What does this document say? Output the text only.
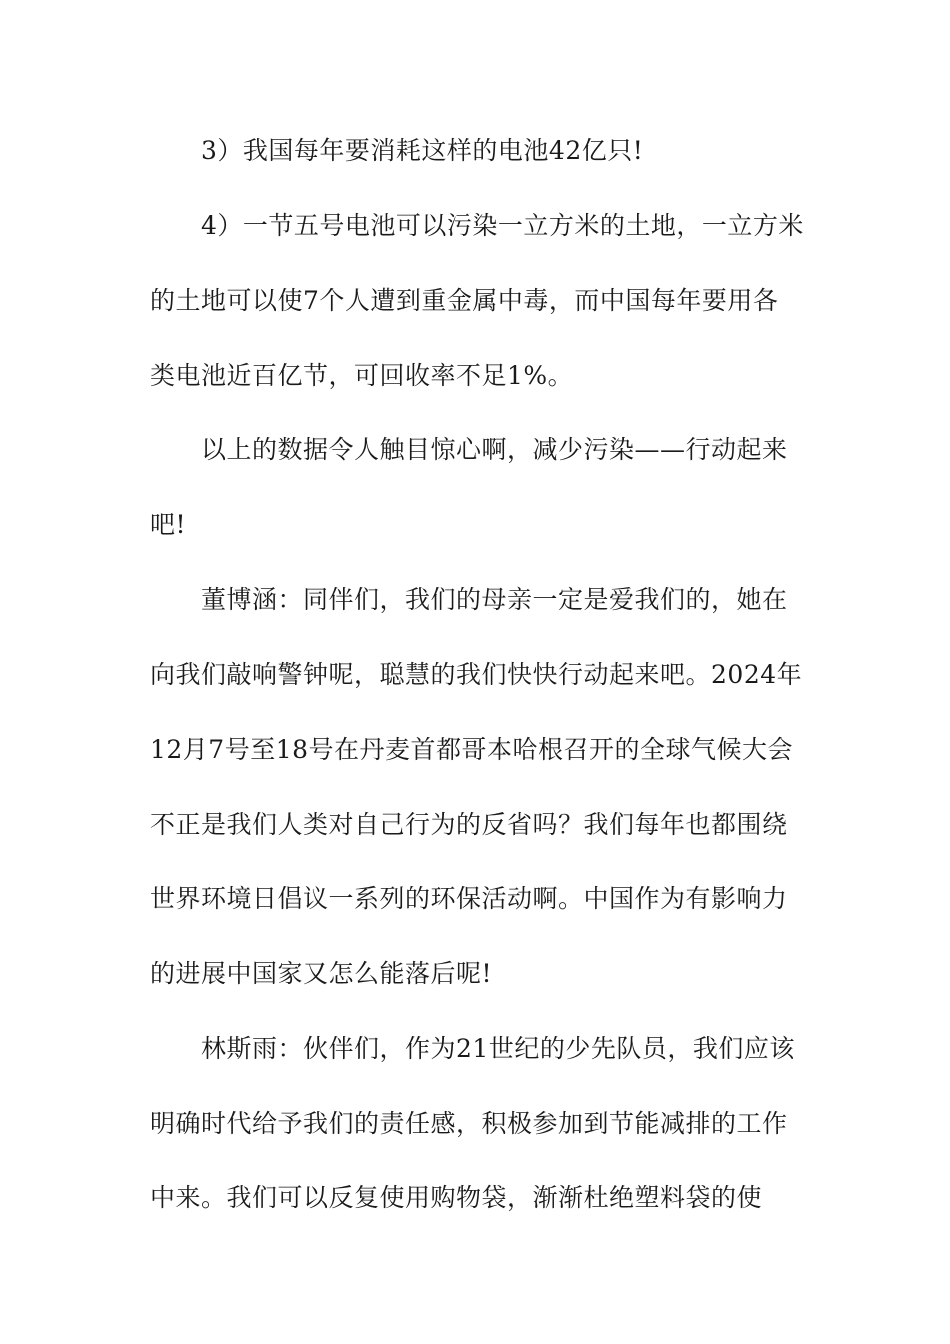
3）我国每年要消耗这样的电池42亿只!
4）一节五号电池可以污染一立方米的土地，一立方米
的土地可以使7个人遭到重金属中毒，而中国每年要用各
类电池近百亿节，可回收率不足1%。
以上的数据令人触目惊心啊，减少污染——行动起来
吧!
董博涵：同伴们，我们的母亲一定是爱我们的，她在
向我们敲响警钟呢，聪慧的我们快快行动起来吧。2024年
12月7号至18号在丹麦首都哥本哈根召开的全球气候大会
不正是我们人类对自己行为的反省吗？我们每年也都围绕
世界环境日倡议一系列的环保活动啊。中国作为有影响力
的进展中国家又怎么能落后呢!
林斯雨：伙伴们，作为21世纪的少先队员，我们应该
明确时代给予我们的责任感，积极参加到节能减排的工作
中来。我们可以反复使用购物袋，渐渐杜绝塑料袋的使
